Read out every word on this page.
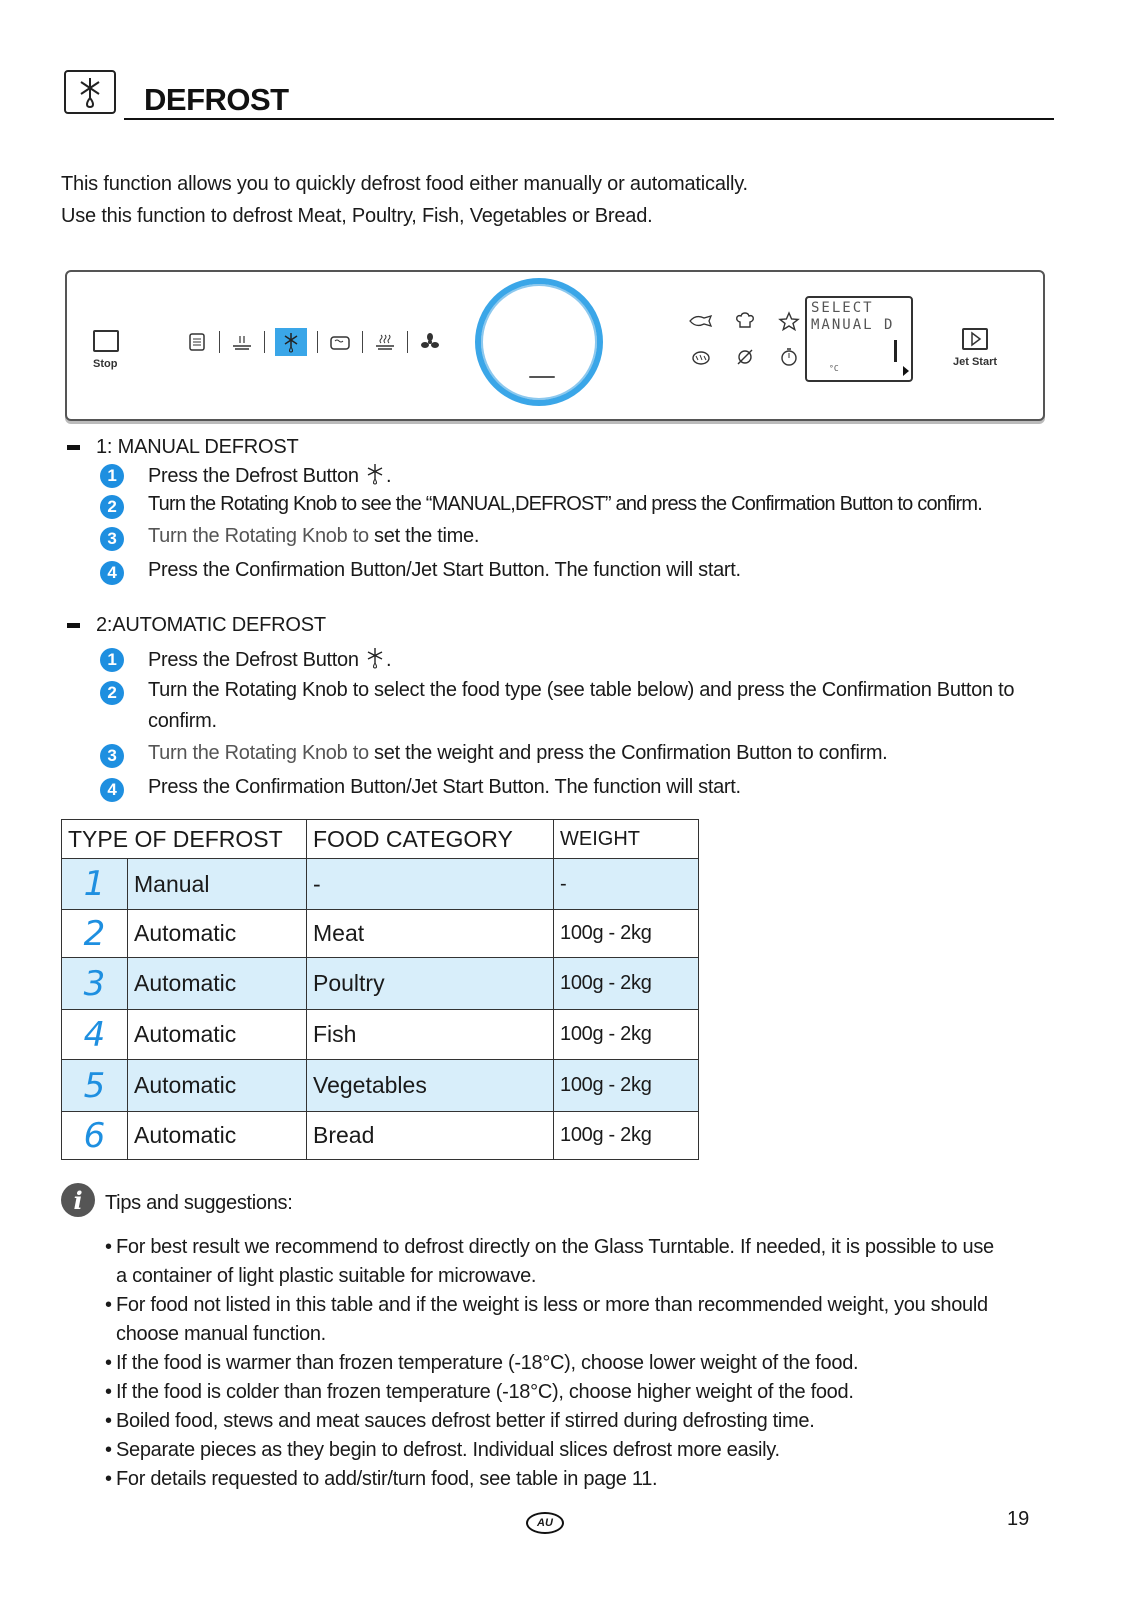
DEFROST

This function allows you to quickly defrost food either manually or automatically.

Use this function to defrost Meat, Poultry, Fish, Vegetables or Bread.

Stop
SELECT
MANUAL D
°C
Jet Start
1: MANUAL DEFROST
1	Press the Defrost Button .
2	Turn the Rotating Knob to see the “MANUAL,DEFROST” and press the Confirmation Button to confirm.
3	Turn the Rotating Knob to set the time.
4	Press the Confirmation Button/Jet Start Button. The function will start.
2:AUTOMATIC DEFROST
1	Press the Defrost Button .
2	Turn the Rotating Knob to select the food type (see table below) and press the Confirmation Button to
confirm.
3	Turn the Rotating Knob to set the weight and press the Confirmation Button to confirm.
4	Press the Confirmation Button/Jet Start Button. The function will start.
TYPE OF DEFROST		FOOD CATEGORY	WEIGHT
1	Manual	-	-
2	Automatic	Meat	100g - 2kg
3	Automatic	Poultry	100g - 2kg
4	Automatic	Fish	100g - 2kg
5	Automatic	Vegetables	100g - 2kg
6	Automatic	Bread	100g - 2kg
i	Tips and suggestions:
• For best result we recommend to defrost directly on the Glass Turntable. If needed, it is possible to use
a container of light plastic suitable for microwave.
• For food not listed in this table and if the weight is less or more than recommended weight, you should
choose manual function.
• If the food is warmer than frozen temperature (-18°C), choose lower weight of the food.
• If the food is colder than frozen temperature (-18°C), choose higher weight of the food.
• Boiled food, stews and meat sauces defrost better if stirred during defrosting time.
• Separate pieces as they begin to defrost. Individual slices defrost more easily.
• For details requested to add/stir/turn food, see table in page 11.
AU	19
